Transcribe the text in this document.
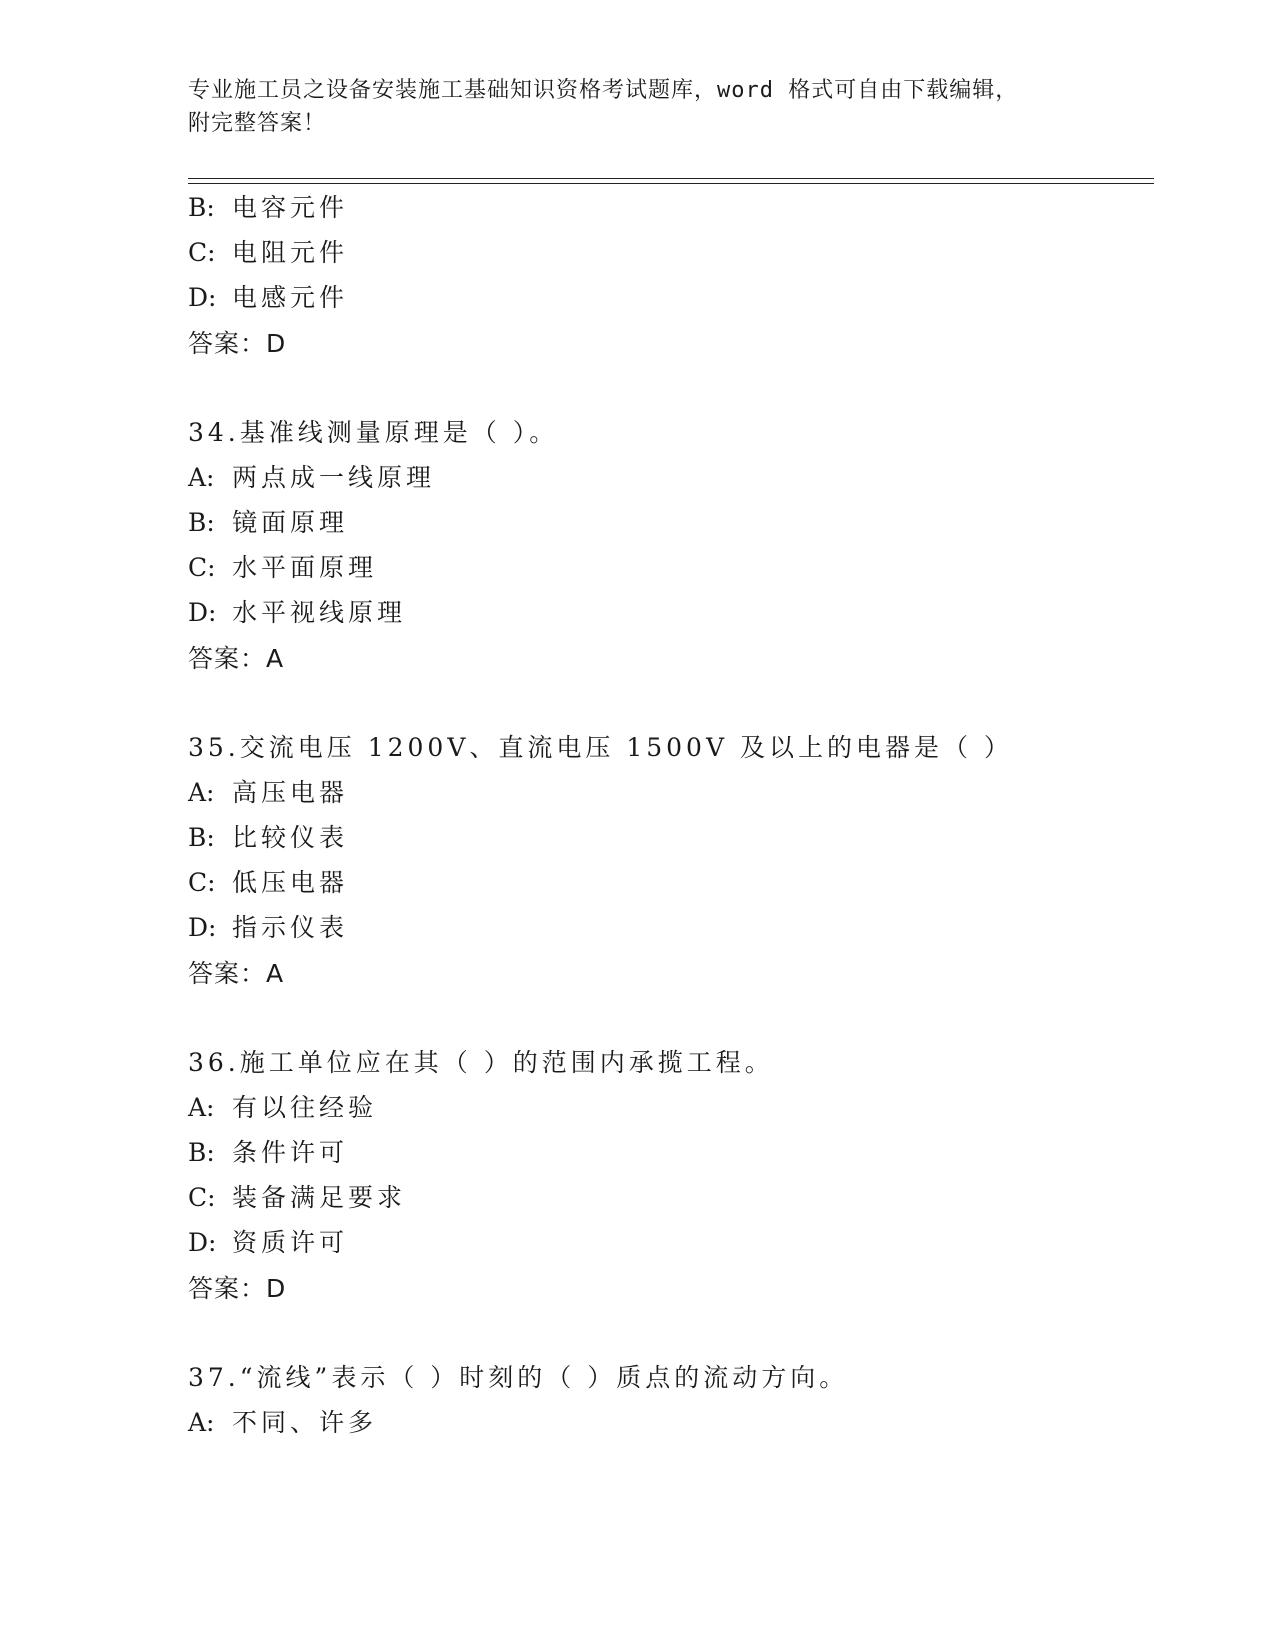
专业施工员之设备安装施工基础知识资格考试题库，word 格式可自由下载编辑，
附完整答案！
B: 电容元件
C: 电阻元件
D: 电感元件
答案：D
34.基准线测量原理是（ ）。
A: 两点成一线原理
B: 镜面原理
C: 水平面原理
D: 水平视线原理
答案：A
35.交流电压 1200V、直流电压 1500V 及以上的电器是（ ）
A: 高压电器
B: 比较仪表
C: 低压电器
D: 指示仪表
答案：A
36.施工单位应在其（ ）的范围内承揽工程。
A: 有以往经验
B: 条件许可
C: 装备满足要求
D: 资质许可
答案：D
37.“流线”表示（ ）时刻的（ ）质点的流动方向。
A: 不同、许多
